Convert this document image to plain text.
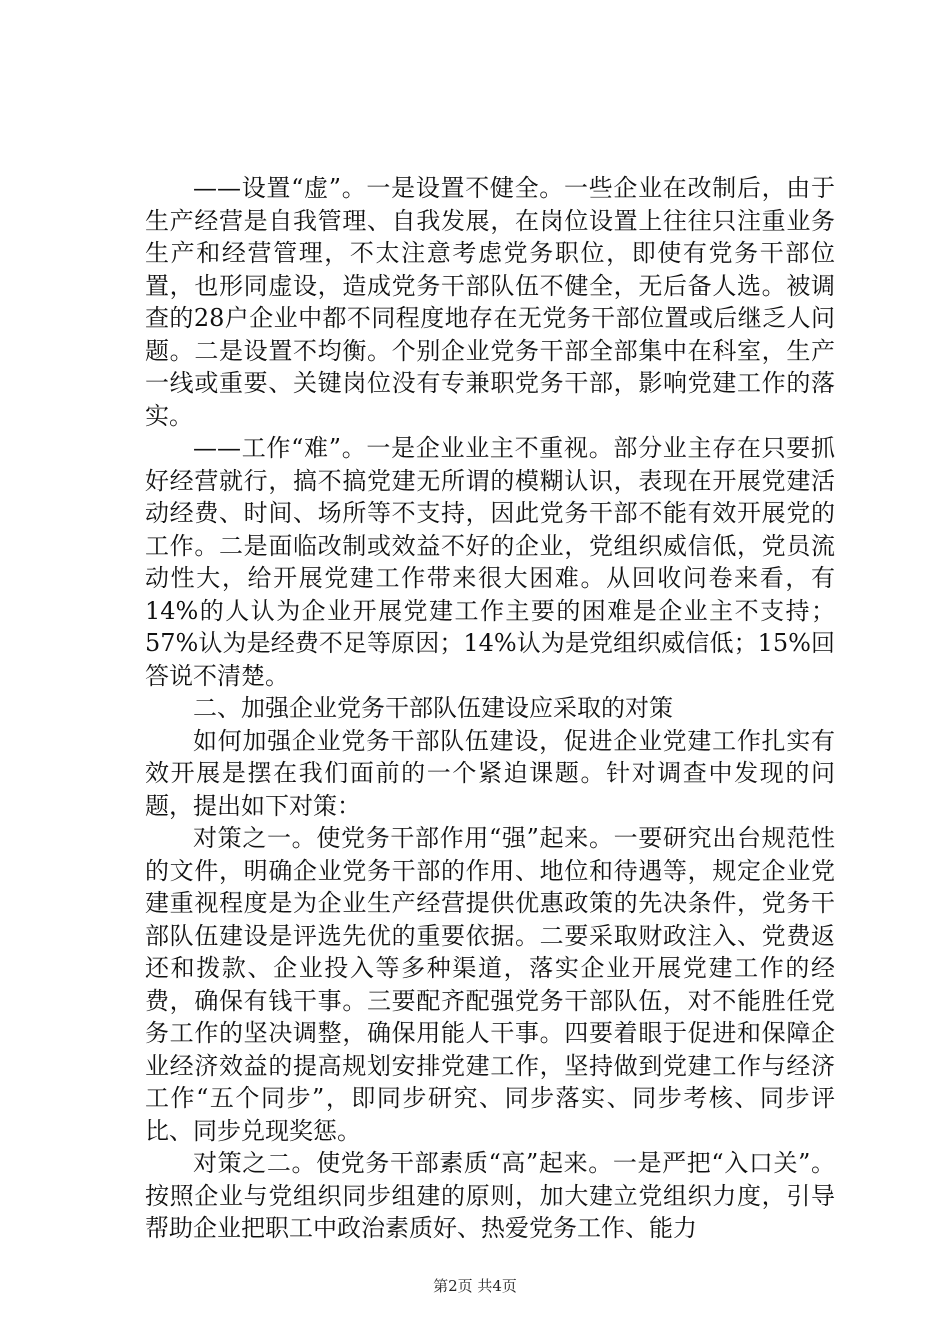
——设置“虚”。一是设置不健全。一些企业在改制后，由于生产经营是自我管理、自我发展，在岗位设置上往往只注重业务生产和经营管理，不太注意考虑党务职位，即使有党务干部位置，也形同虚设，造成党务干部队伍不健全，无后备人选。被调查的28户企业中都不同程度地存在无党务干部位置或后继乏人问题。二是设置不均衡。个别企业党务干部全部集中在科室，生产一线或重要、关键岗位没有专兼职党务干部，影响党建工作的落实。

——工作“难”。一是企业业主不重视。部分业主存在只要抓好经营就行，搞不搞党建无所谓的模糊认识，表现在开展党建活动经费、时间、场所等不支持，因此党务干部不能有效开展党的工作。二是面临改制或效益不好的企业，党组织威信低，党员流动性大，给开展党建工作带来很大困难。从回收问卷来看，有14%的人认为企业开展党建工作主要的困难是企业主不支持；57%认为是经费不足等原因；14%认为是党组织威信低；15%回答说不清楚。

二、加强企业党务干部队伍建设应采取的对策

如何加强企业党务干部队伍建设，促进企业党建工作扎实有效开展是摆在我们面前的一个紧迫课题。针对调查中发现的问题，提出如下对策：

对策之一。使党务干部作用“强”起来。一要研究出台规范性的文件，明确企业党务干部的作用、地位和待遇等，规定企业党建重视程度是为企业生产经营提供优惠政策的先决条件，党务干部队伍建设是评选先优的重要依据。二要采取财政注入、党费返还和拨款、企业投入等多种渠道，落实企业开展党建工作的经费，确保有钱干事。三要配齐配强党务干部队伍，对不能胜任党务工作的坚决调整，确保用能人干事。四要着眼于促进和保障企业经济效益的提高规划安排党建工作，坚持做到党建工作与经济工作“五个同步”，即同步研究、同步落实、同步考核、同步评比、同步兑现奖惩。

对策之二。使党务干部素质“高”起来。一是严把“入口关”。按照企业与党组织同步组建的原则，加大建立党组织力度，引导帮助企业把职工中政治素质好、热爱党务工作、能力

第2页 共4页
